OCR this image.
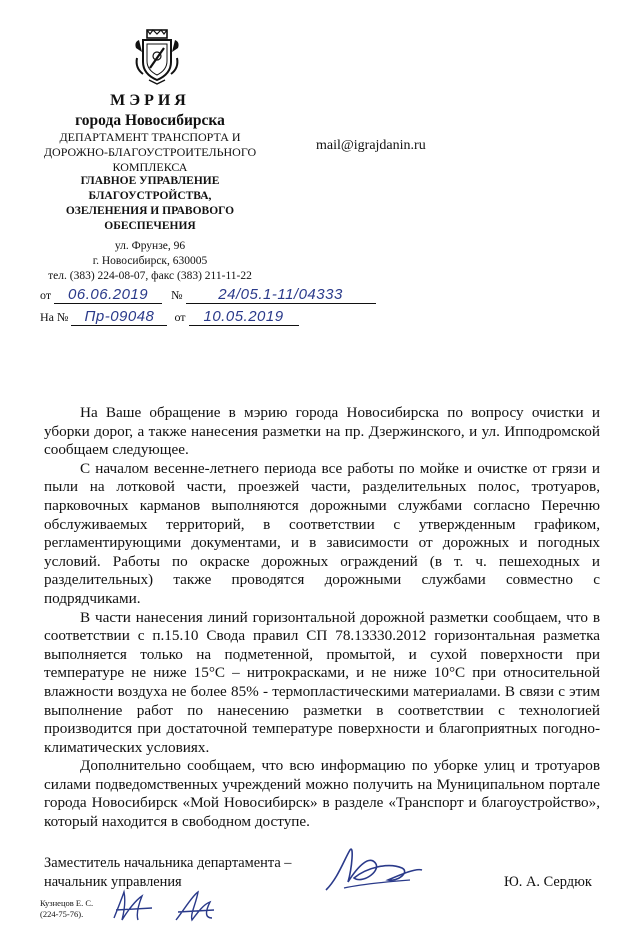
МЭРИЯ
города Новосибирска
ДЕПАРТАМЕНТ ТРАНСПОРТА И
ДОРОЖНО-БЛАГОУСТРОИТЕЛЬНОГО
КОМПЛЕКСА
ГЛАВНОЕ УПРАВЛЕНИЕ
БЛАГОУСТРОЙСТВА,
ОЗЕЛЕНЕНИЯ И ПРАВОВОГО
ОБЕСПЕЧЕНИЯ
ул. Фрунзе, 96
г. Новосибирск, 630005
тел. (383) 224-08-07, факс (383) 211-11-22
mail@igrajdanin.ru
от 06.06.2019 № 24/05.1-11/04333
На № Пр-09048 от 10.05.2019

На Ваше обращение в мэрию города Новосибирска по вопросу очистки и уборки дорог, а также нанесения разметки на пр. Дзержинского, и ул. Ипподромской сообщаем следующее.

С началом весенне-летнего периода все работы по мойке и очистке от грязи и пыли на лотковой части, проезжей части, разделительных полос, тротуаров, парковочных карманов выполняются дорожными службами согласно Перечню обслуживаемых территорий, в соответствии с утвержденным графиком, регламентирующими документами, и в зависимости от дорожных и погодных условий. Работы по окраске дорожных ограждений (в т. ч. пешеходных и разделительных) также проводятся дорожными службами совместно с подрядчиками.

В части нанесения линий горизонтальной дорожной разметки сообщаем, что в соответствии с п.15.10 Свода правил СП 78.13330.2012 горизонтальная разметка выполняется только на подметенной, промытой, и сухой поверхности при температуре не ниже 15°С – нитрокрасками, и не ниже 10°С при относительной влажности воздуха не более 85% - термопластическими материалами. В связи с этим выполнение работ по нанесению разметки в соответствии с технологией производится при достаточной температуре поверхности и благоприятных погодно-климатических условиях.

Дополнительно сообщаем, что всю информацию по уборке улиц и тротуаров силами подведомственных учреждений можно получить на Муниципальном портале города Новосибирск «Мой Новосибирск» в разделе «Транспорт и благоустройство», который находится в свободном доступе.

Заместитель начальника департамента –
начальник управления	Ю. А. Сердюк
Кузнецов Е. С.
(224-75-76).
